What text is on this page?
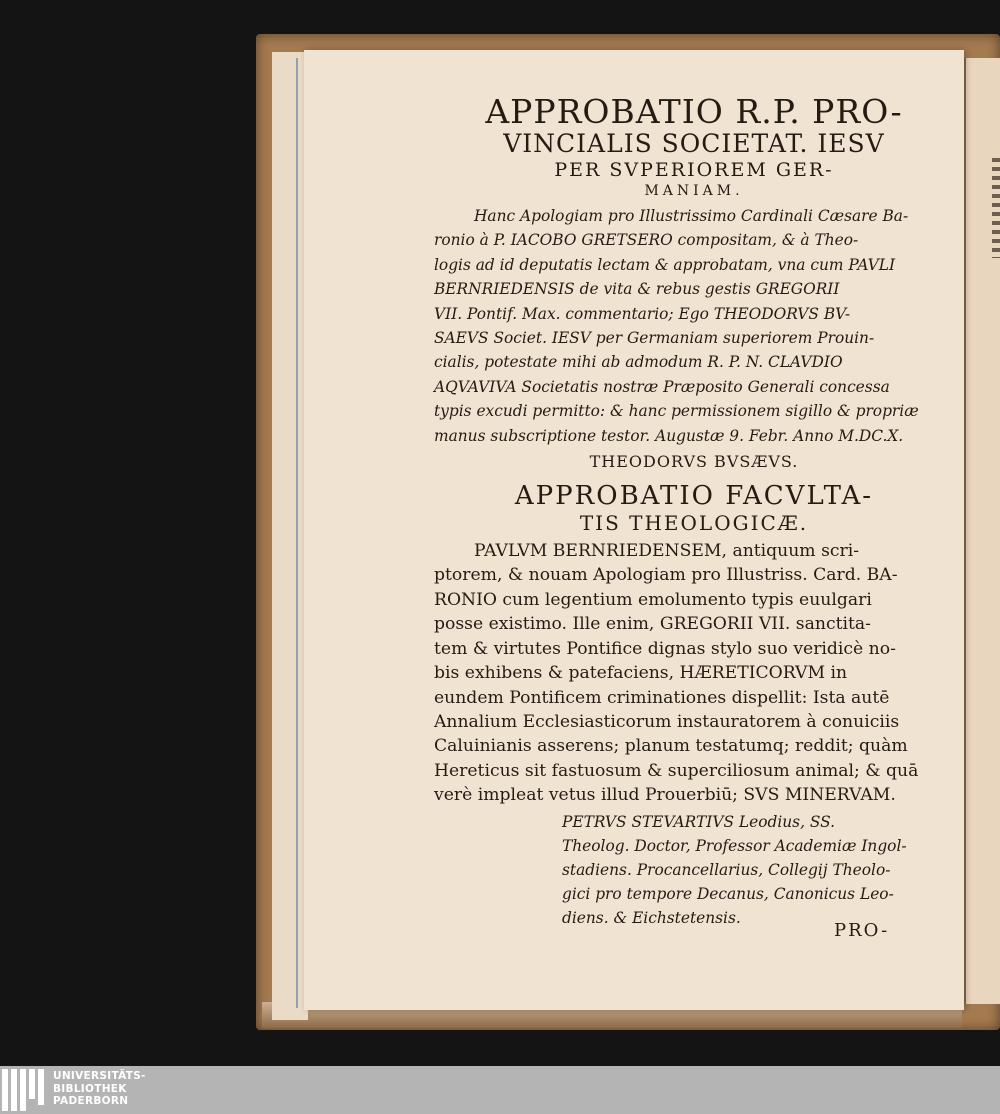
APPROBATIO R.P. PRO-
VINCIALIS SOCIETAT. IESV
PER SVPERIOREM GER-
MANIAM.
Hanc Apologiam pro Illustrissimo Cardinali Cæsare Ba-
ronio à P. IACOBO GRETSERO compositam, & à Theo-
logis ad id deputatis lectam & approbatam, vna cum PAVLI
BERNRIEDENSIS de vita & rebus gestis GREGORII
VII. Pontif. Max. commentario; Ego THEODORVS BV-
SAEVS Societ. IESV per Germaniam superiorem Prouin-
cialis, potestate mihi ab admodum R. P. N. CLAVDIO
AQVAVIVA Societatis nostræ Præposito Generali concessa
typis excudi permitto: & hanc permissionem sigillo & propriæ
manus subscriptione testor. Augustæ 9. Febr. Anno M.DC.X.
THEODORVS BVSÆVS.
APPROBATIO FACVLTA-
TIS THEOLOGICÆ.
PAVLVM BERNRIEDENSEM, antiquum scri-
ptorem, & nouam Apologiam pro Illustriss. Card. BA-
RONIO cum legentium emolumento typis euulgari
posse existimo. Ille enim, GREGORII VII. sanctita-
tem & virtutes Pontifice dignas stylo suo veridicè no-
bis exhibens & patefaciens, HÆRETICORVM in
eundem Pontificem criminationes dispellit: Ista autē
Annalium Ecclesiasticorum instauratorem à conuiciis
Caluinianis asserens; planum testatumq; reddit; quàm
Hereticus sit fastuosum & superciliosum animal; & quā
verè impleat vetus illud Prouerbiū; SVS MINERVAM.
PETRVS STEVARTIVS Leodius, SS.
Theolog. Doctor, Professor Academiæ Ingol-
stadiens. Procancellarius, Collegij Theolo-
gici pro tempore Decanus, Canonicus Leo-
diens. & Eichstetensis.
PRO-
UNIVERSITÄTS-
BIBLIOTHEK
PADERBORN
